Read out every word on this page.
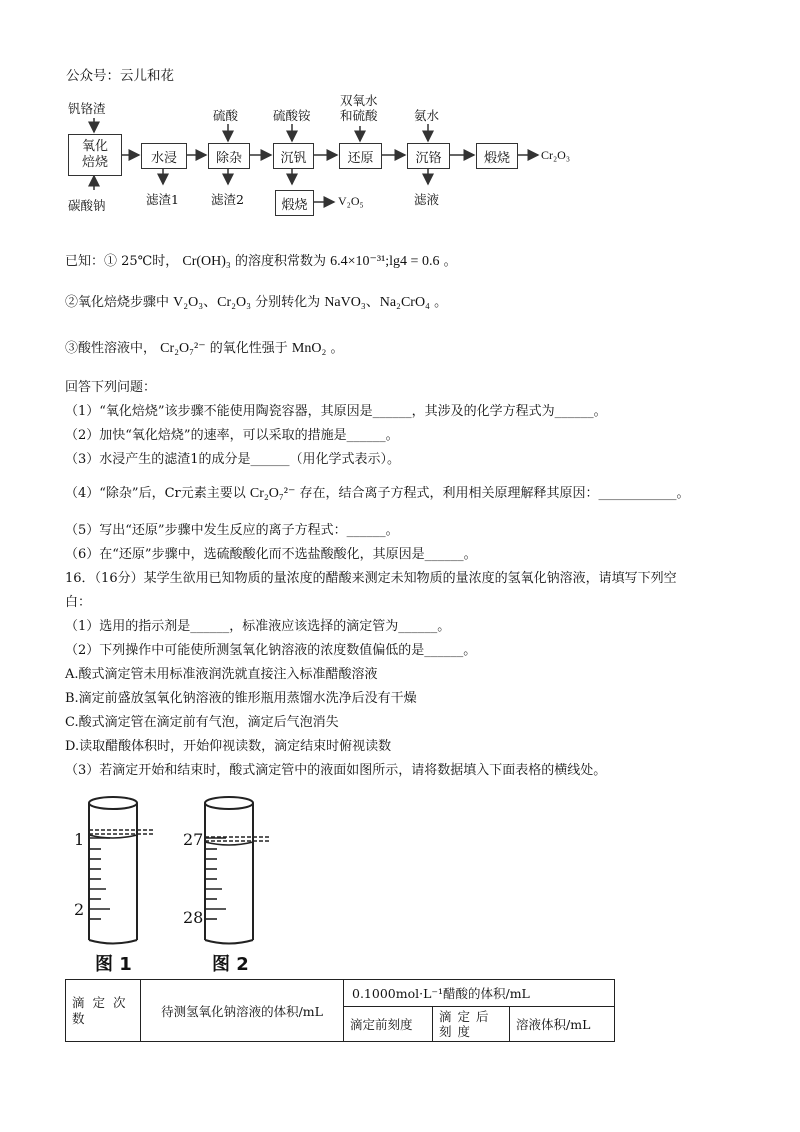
公众号：云儿和花
钒铬渣
碳酸钠
硫酸	硫酸铵
双氧水
和硫酸	氨水
氧化
焙烧	水浸	除杂	沉钒	还原	沉铬	煅烧
煅烧
滤渣1	滤渣2	滤液
V₂O₅
Cr₂O₃
已知：① 25℃时， Cr(OH)₃ 的溶度积常数为 6.4×10⁻³¹;lg4 = 0.6 。
②氧化焙烧步骤中 V₂O₃、Cr₂O₃ 分别转化为 NaVO₃、Na₂CrO₄ 。
③酸性溶液中， Cr₂O₇²⁻ 的氧化性强于 MnO₂ 。
回答下列问题：
（1）“氧化焙烧”该步骤不能使用陶瓷容器，其原因是______，其涉及的化学方程式为______。
（2）加快“氧化焙烧”的速率，可以采取的措施是______。
（3）水浸产生的滤渣1的成分是______（用化学式表示）。
（4）“除杂”后，Cr元素主要以 Cr₂O₇²⁻ 存在，结合离子方程式，利用相关原理解释其原因：____________。
（5）写出“还原”步骤中发生反应的离子方程式：______。
（6）在“还原”步骤中，选硫酸酸化而不选盐酸酸化，其原因是______。
16．（16分）某学生欲用已知物质的量浓度的醋酸来测定未知物质的量浓度的氢氧化钠溶液，请填写下列空
白：
（1）选用的指示剂是______，标准液应该选择的滴定管为______。
（2）下列操作中可能使所测氢氧化钠溶液的浓度数值偏低的是______。
A.酸式滴定管未用标准液润洗就直接注入标准醋酸溶液
B.滴定前盛放氢氧化钠溶液的锥形瓶用蒸馏水洗净后没有干燥
C.酸式滴定管在滴定前有气泡，滴定后气泡消失
D.读取醋酸体积时，开始仰视读数，滴定结束时俯视读数
（3）若滴定开始和结束时，酸式滴定管中的液面如图所示，请将数据填入下面表格的横线处。
1
2
27
28
图 1	图 2
滴 定 次 数	待测氢氧化钠溶液的体积/mL	0.1000mol·L⁻¹醋酸的体积/mL		
		滴定前刻度	滴 定 后 刻 度	溶液体积/mL
